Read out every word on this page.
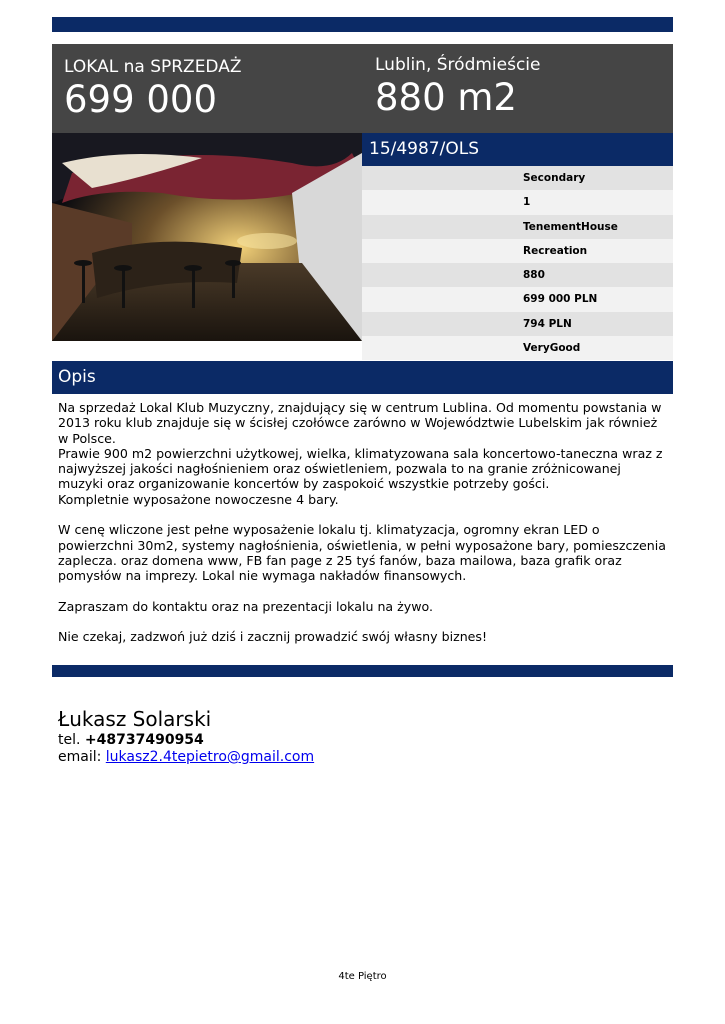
LOKAL na SPRZEDAŻ
699 000
Lublin, Śródmieście
880 m2
15/4987/OLS
Secondary
1
TenementHouse
Recreation
880
699 000 PLN
794 PLN
VeryGood
Opis

Na sprzedaż Lokal Klub Muzyczny, znajdujący się w centrum Lublina. Od momentu powstania w 2013 roku klub znajduje się w ścisłej czołówce zarówno w Województwie Lubelskim jak również w Polsce.

Prawie 900 m2 powierzchni użytkowej, wielka, klimatyzowana sala koncertowo-taneczna wraz z najwyższej jakości nagłośnieniem oraz oświetleniem, pozwala to na granie zróżnicowanej muzyki oraz organizowanie koncertów by zaspokoić wszystkie potrzeby gości.

Kompletnie wyposażone nowoczesne 4 bary.

W cenę wliczone jest pełne wyposażenie lokalu tj. klimatyzacja, ogromny ekran LED o powierzchni 30m2, systemy nagłośnienia, oświetlenia, w pełni wyposażone bary, pomieszczenia zaplecza. oraz domena www, FB fan page z 25 tyś fanów, baza mailowa, baza grafik oraz pomysłów na imprezy. Lokal nie wymaga nakładów finansowych.

Zapraszam do kontaktu oraz na prezentacji lokalu na żywo.

Nie czekaj, zadzwoń już dziś i zacznij prowadzić swój własny biznes!

Łukasz Solarski
tel. +48737490954
email: lukasz2.4tepietro@gmail.com
4te Piętro
